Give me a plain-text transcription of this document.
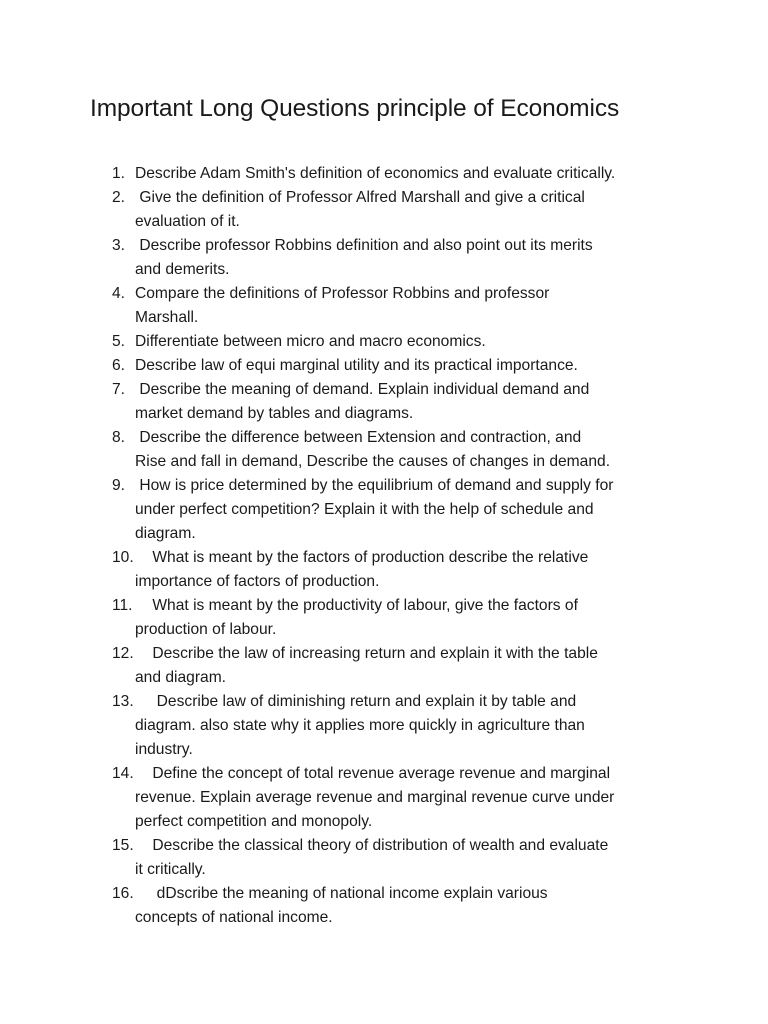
Important Long Questions principle of Economics
1. Describe Adam Smith's definition of economics and evaluate critically.
2. Give the definition of Professor Alfred Marshall and give a critical
evaluation of it.
3. Describe professor Robbins definition and also point out its merits
and demerits.
4. Compare the definitions of Professor Robbins and professor
Marshall.
5. Differentiate between micro and macro economics.
6. Describe law of equi marginal utility and its practical importance.
7. Describe the meaning of demand. Explain individual demand and
market demand by tables and diagrams.
8. Describe the difference between Extension and contraction, and
Rise and fall in demand, Describe the causes of changes in demand.
9. How is price determined by the equilibrium of demand and supply for
under perfect competition? Explain it with the help of schedule and
diagram.
10.	What is meant by the factors of production describe the relative
importance of factors of production.
11.	What is meant by the productivity of labour, give the factors of
production of labour.
12.	Describe the law of increasing return and explain it with the table
and diagram.
13.	Describe law of diminishing return and explain it by table and
diagram. also state why it applies more quickly in agriculture than
industry.
14.	Define the concept of total revenue average revenue and marginal
revenue. Explain average revenue and marginal revenue curve under
perfect competition and monopoly.
15.	Describe the classical theory of distribution of wealth and evaluate
it critically.
16.	dDscribe the meaning of national income explain various
concepts of national income.
